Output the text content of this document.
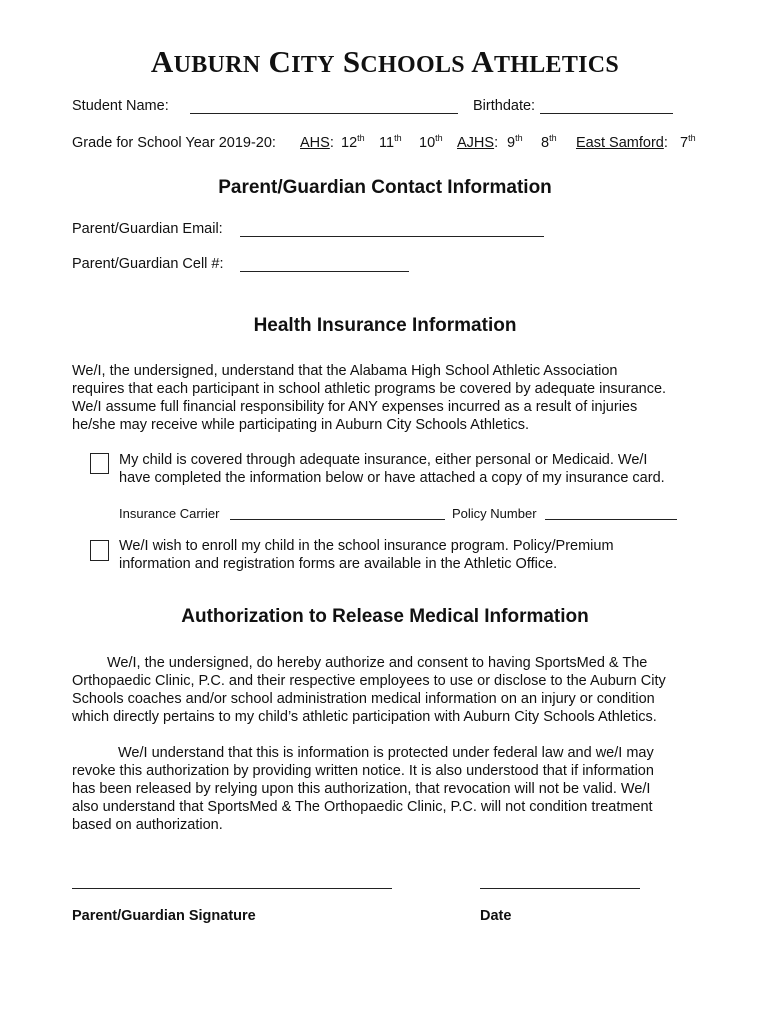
AUBURN CITY SCHOOLS ATHLETICS
Student Name:	Birthdate:
Grade for School Year 2019-20: AHS: 12th 11th 10th AJHS: 9th 8th East Samford: 7th
Parent/Guardian Contact Information
Parent/Guardian Email:
Parent/Guardian Cell #:
Health Insurance Information
We/I, the undersigned, understand that the Alabama High School Athletic Association
requires that each participant in school athletic programs be covered by adequate insurance.
We/I assume full financial responsibility for ANY expenses incurred as a result of injuries
he/she may receive while participating in Auburn City Schools Athletics.
My child is covered through adequate insurance, either personal or Medicaid. We/I
have completed the information below or have attached a copy of my insurance card.
Insurance Carrier	Policy Number
We/I wish to enroll my child in the school insurance program. Policy/Premium
information and registration forms are available in the Athletic Office.
Authorization to Release Medical Information
We/I, the undersigned, do hereby authorize and consent to having SportsMed & The
Orthopaedic Clinic, P.C. and their respective employees to use or disclose to the Auburn City
Schools coaches and/or school administration medical information on an injury or condition
which directly pertains to my child’s athletic participation with Auburn City Schools Athletics.
We/I understand that this is information is protected under federal law and we/I may
revoke this authorization by providing written notice. It is also understood that if information
has been released by relying upon this authorization, that revocation will not be valid. We/I
also understand that SportsMed & The Orthopaedic Clinic, P.C. will not condition treatment
based on authorization.
Parent/Guardian Signature	Date
